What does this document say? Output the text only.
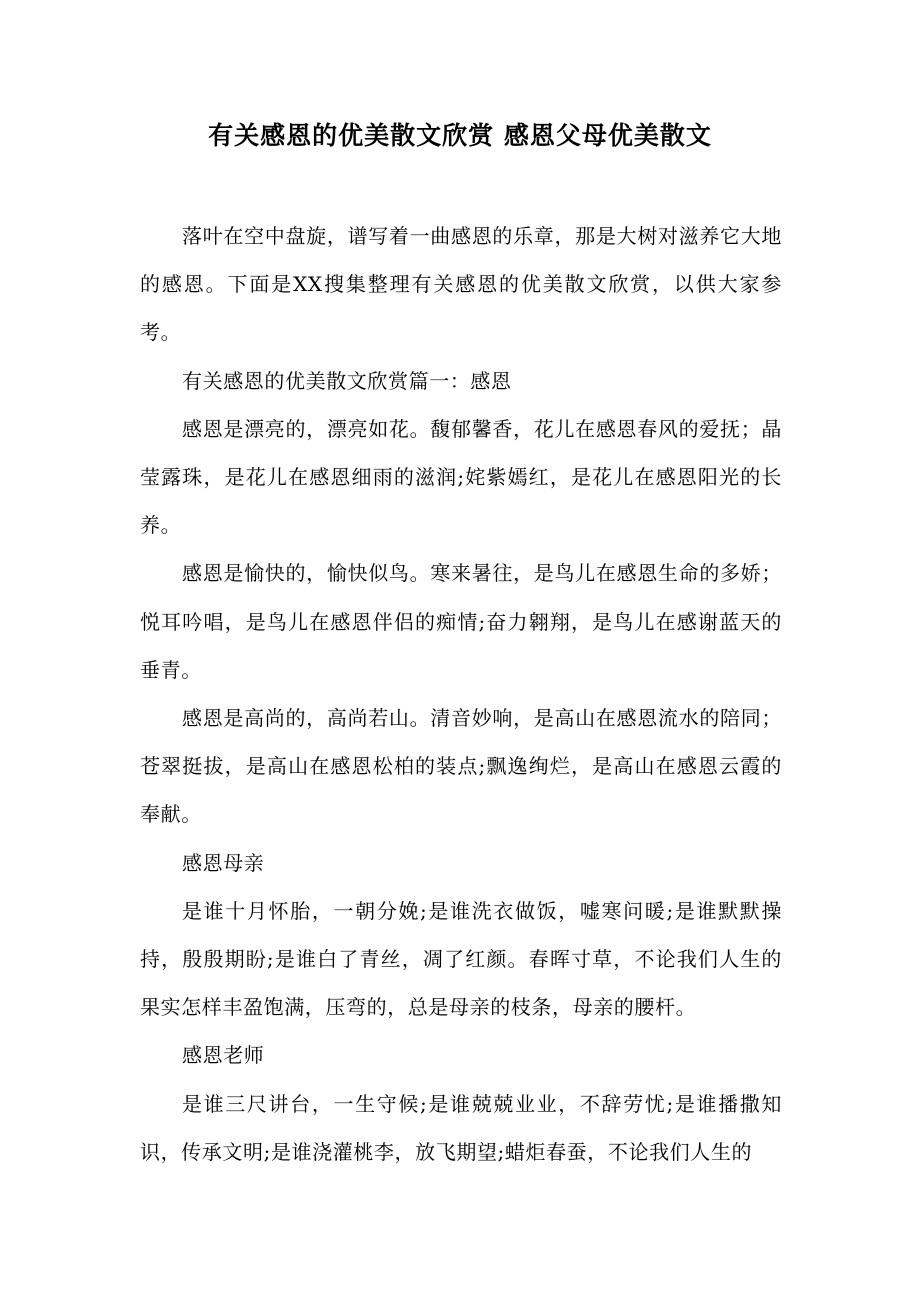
有关感恩的优美散文欣赏 感恩父母优美散文

落叶在空中盘旋，谱写着一曲感恩的乐章，那是大树对滋养它大地的感恩。下面是XX搜集整理有关感恩的优美散文欣赏，以供大家参考。

有关感恩的优美散文欣赏篇一：感恩

感恩是漂亮的，漂亮如花。馥郁馨香，花儿在感恩春风的爱抚；晶莹露珠，是花儿在感恩细雨的滋润;姹紫嫣红，是花儿在感恩阳光的长养。

感恩是愉快的，愉快似鸟。寒来暑往，是鸟儿在感恩生命的多娇；悦耳吟唱，是鸟儿在感恩伴侣的痴情;奋力翱翔，是鸟儿在感谢蓝天的垂青。

感恩是高尚的，高尚若山。清音妙响，是高山在感恩流水的陪同；苍翠挺拔，是高山在感恩松柏的装点;飘逸绚烂，是高山在感恩云霞的奉献。

感恩母亲

是谁十月怀胎，一朝分娩;是谁洗衣做饭，嘘寒问暖;是谁默默操持，殷殷期盼;是谁白了青丝，凋了红颜。春晖寸草，不论我们人生的果实怎样丰盈饱满，压弯的，总是母亲的枝条，母亲的腰杆。

感恩老师

是谁三尺讲台，一生守候;是谁兢兢业业，不辞劳忧;是谁播撒知识，传承文明;是谁浇灌桃李，放飞期望;蜡炬春蚕，不论我们人生的
